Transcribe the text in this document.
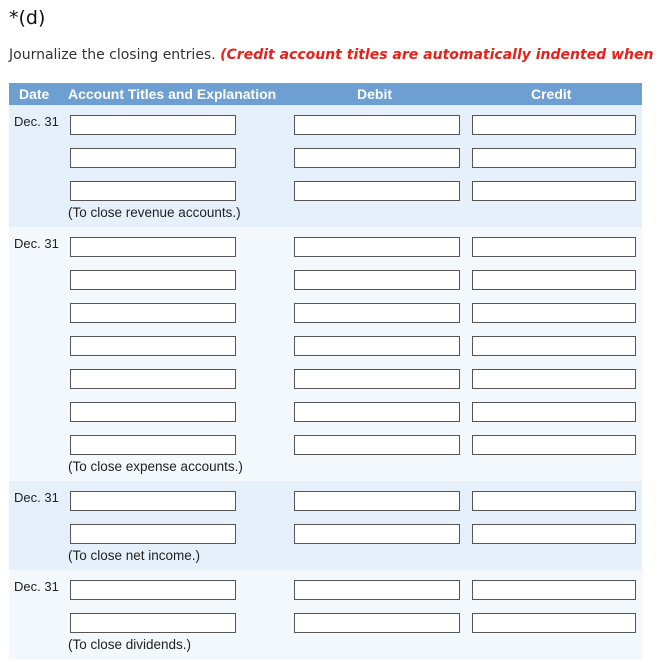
*(d)
Journalize the closing entries. (Credit account titles are automatically indented when
Date Account Titles and Explanation	Debit	Credit
Dec. 31
(To close revenue accounts.)
Dec. 31
(To close expense accounts.)
Dec. 31
(To close net income.)
Dec. 31
(To close dividends.)
